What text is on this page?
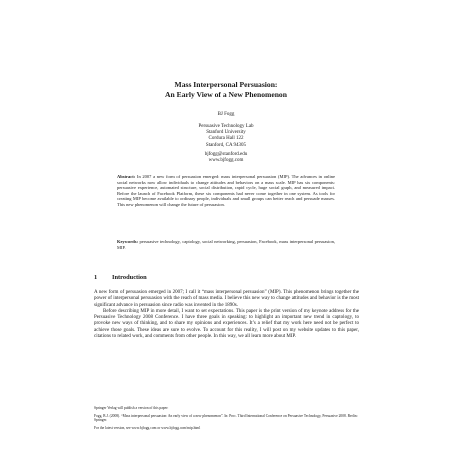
Mass Interpersonal Persuasion:
An Early View of a New Phenomenon
BJ Fogg
Persuasive Technology Lab
Stanford University
Cordura Hall 122
Stanford, CA 94305
bjfogg@stanford.edu
www.bjfogg.com
Abstract: In 2007 a new form of persuasion emerged: mass interpersonal persuasion (MIP). The advances in online social networks now allow individuals to change attitudes and behaviors on a mass scale. MIP has six components: persuasive experience, automated structure, social distribution, rapid cycle, huge social graph, and measured impact. Before the launch of Facebook Platform, these six components had never come together in one system. As tools for creating MIP become available to ordinary people, individuals and small groups can better reach and persuade masses. This new phenomenon will change the future of persuasion.
Keywords: persuasive technology, captology, social networking, persuasion, Facebook, mass interpersonal persuasion, MIP.
1 Introduction

A new form of persuasion emerged in 2007; I call it “mass interpersonal persuasion” (MIP). This phenomenon brings together the power of interpersonal persuasion with the reach of mass media. I believe this new way to change attitudes and behavior is the most significant advance in persuasion since radio was invented in the 1890s.

Before describing MIP in more detail, I want to set expectations. This paper is the print version of my keynote address for the Persuasive Technology 2008 Conference. I have three goals in speaking: to highlight an important new trend in captology, to provoke new ways of thinking, and to share my opinions and experiences. It’s a relief that my work here need not be perfect to achieve those goals. These ideas are sure to evolve. To account for this reality, I will post on my website updates to this paper, citations to related work, and comments from other people. In this way, we all learn more about MIP.

Springer Verlag will publish a version of this paper:
Fogg, B.J. (2008). “Mass interpersonal persuasion: An early view of a new phenomenon”. In: Proc. Third International Conference on Persuasive Technology, Persuasive 2008. Berlin: Springer.
For the latest version, see www.bjfogg.com or www.bjfogg.com/mip.html
